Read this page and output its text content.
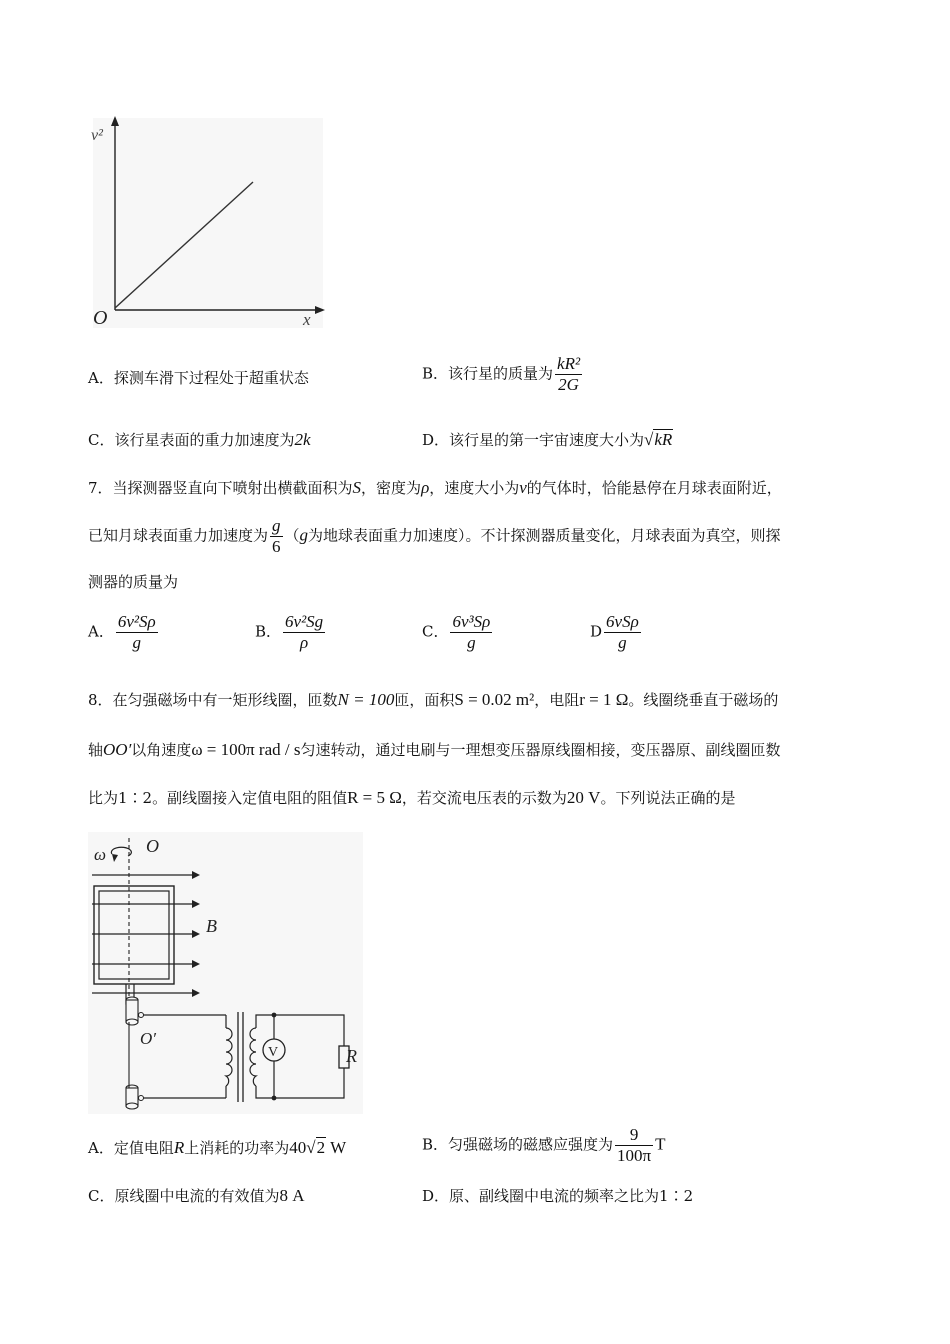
v²
O	x
A．探测车滑下过程处于超重状态	B．该行星的质量为 $\frac{\text{kR²}}{2G}$
C．该行星表面的重力加速度为2k	D．该行星的第一宇宙速度大小为√kR
7．当探测器竖直向下喷射出横截面积为S，密度为ρ，速度大小为v的气体时，恰能悬停在月球表面附近，
已知月球表面重力加速度为 $\frac{g}{6} (g$为地球表面重力加速度）。不计探测器质量变化，月球表面为真空，则探
测器的质量为
A． $\frac{\text{6v²Sρ}}{g}$	B． $\frac{\text{6v²Sg}}{\rho}$	C． $\frac{\text{6v³Sρ}}{g}$	D $\frac{\text{6vSρ}}{g}$
8．在匀强磁场中有一矩形线圈，匝数N = 100匝，面积S = 0.02 m²，电阻r = 1 Ω。线圈绕垂直于磁场的
轴OO′以角速度ω = 100π rad / s匀速转动，通过电刷与一理想变压器原线圈相接，变压器原、副线圈匝数
比为1∶2。副线圈接入定值电阻的阻值R = 5 Ω，若交流电压表的示数为20 V。下列说法正确的是
ω O
B
O′
V	R
A．定值电阻R上消耗的功率为40√2 W	B．匀强磁场的磁感应强度为 $\frac{9}{100\pi}$ T
C．原线圈中电流的有效值为8 A	D．原、副线圈中电流的频率之比为1∶2
